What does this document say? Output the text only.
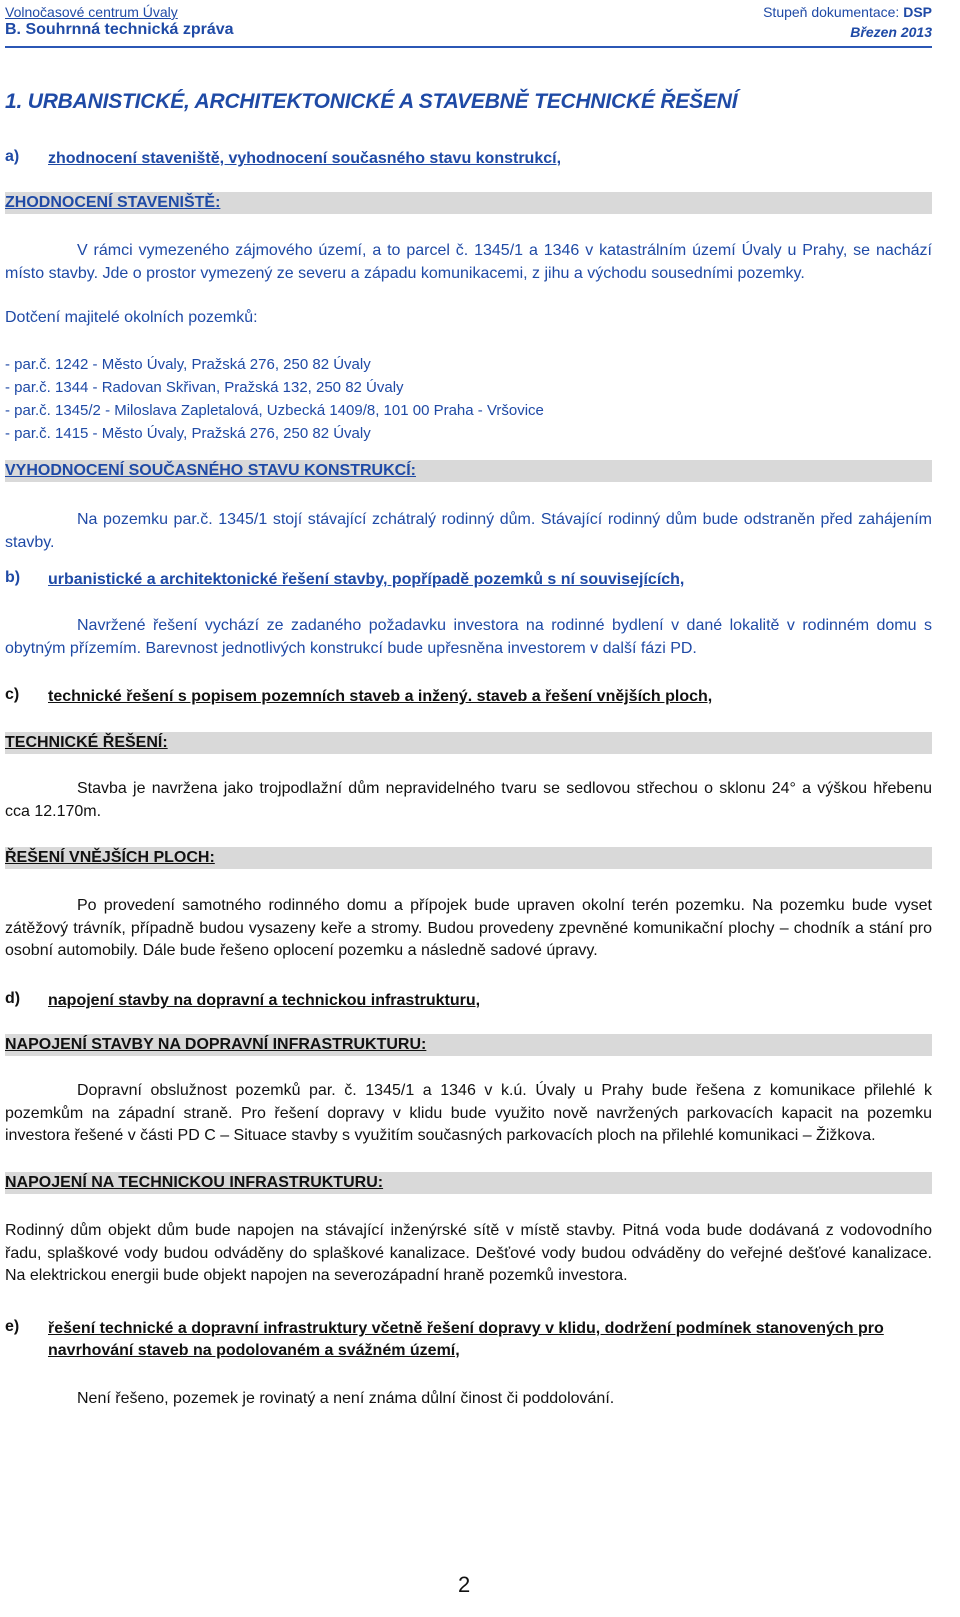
Volnočasové centrum Úvaly	Stupeň dokumentace: DSP
B. Souhrnná technická zpráva	Březen 2013
1. URBANISTICKÉ, ARCHITEKTONICKÉ A STAVEBNĚ TECHNICKÉ ŘEŠENÍ
a) zhodnocení staveniště, vyhodnocení současného stavu konstrukcí,
ZHODNOCENÍ STAVENIŠTĚ:

V rámci vymezeného zájmového území, a to parcel č. 1345/1 a 1346 v katastrálním území Úvaly u Prahy, se nachází místo stavby. Jde o prostor vymezený ze severu a západu komunikacemi, z jihu a východu sousedními pozemky.

Dotčení majitelé okolních pozemků:
- par.č. 1242 - Město Úvaly, Pražská 276, 250 82 Úvaly
- par.č. 1344 - Radovan Skřivan, Pražská 132, 250 82 Úvaly
- par.č. 1345/2 - Miloslava Zapletalová, Uzbecká 1409/8, 101 00 Praha - Vršovice
- par.č. 1415 - Město Úvaly, Pražská 276, 250 82 Úvaly
VYHODNOCENÍ SOUČASNÉHO STAVU KONSTRUKCÍ:

Na pozemku par.č. 1345/1 stojí stávající zchátralý rodinný dům. Stávající rodinný dům bude odstraněn před zahájením stavby.

b) urbanistické a architektonické řešení stavby, popřípadě pozemků s ní souvisejících,

Navržené řešení vychází ze zadaného požadavku investora na rodinné bydlení v dané lokalitě v rodinném domu s obytným přízemím. Barevnost jednotlivých konstrukcí bude upřesněna investorem v další fázi PD.

c) technické řešení s popisem pozemních staveb a inžený. staveb a řešení vnějších ploch,
TECHNICKÉ ŘEŠENÍ:

Stavba je navržena jako trojpodlažní dům nepravidelného tvaru se sedlovou střechou o sklonu 24° a výškou hřebenu cca 12.170m.

ŘEŠENÍ VNĚJŠÍCH PLOCH:

Po provedení samotného rodinného domu a přípojek bude upraven okolní terén pozemku. Na pozemku bude vyset zátěžový trávník, případně budou vysazeny keře a stromy. Budou provedeny zpevněné komunikační plochy – chodník a stání pro osobní automobily. Dále bude řešeno oplocení pozemku a následně sadové úpravy.

d) napojení stavby na dopravní a technickou infrastrukturu,
NAPOJENÍ STAVBY NA DOPRAVNÍ INFRASTRUKTURU:

Dopravní obslužnost pozemků par. č. 1345/1 a 1346 v k.ú. Úvaly u Prahy bude řešena z komunikace přilehlé k pozemkům na západní straně. Pro řešení dopravy v klidu bude využito nově navržených parkovacích kapacit na pozemku investora řešené v části PD C – Situace stavby s využitím současných parkovacích ploch na přilehlé komunikaci – Žižkova.

NAPOJENÍ NA TECHNICKOU INFRASTRUKTURU:

Rodinný dům objekt dům bude napojen na stávající inženýrské sítě v místě stavby. Pitná voda bude dodávaná z vodovodního řadu, splaškové vody budou odváděny do splaškové kanalizace. Dešťové vody budou odváděny do veřejné dešťové kanalizace. Na elektrickou energii bude objekt napojen na severozápadní hraně pozemků investora.

e) řešení technické a dopravní infrastruktury včetně řešení dopravy v klidu, dodržení podmínek stanovených pro navrhování staveb na podolovaném a svážném území,

Není řešeno, pozemek je rovinatý a není známa důlní činost či poddolování.

2
